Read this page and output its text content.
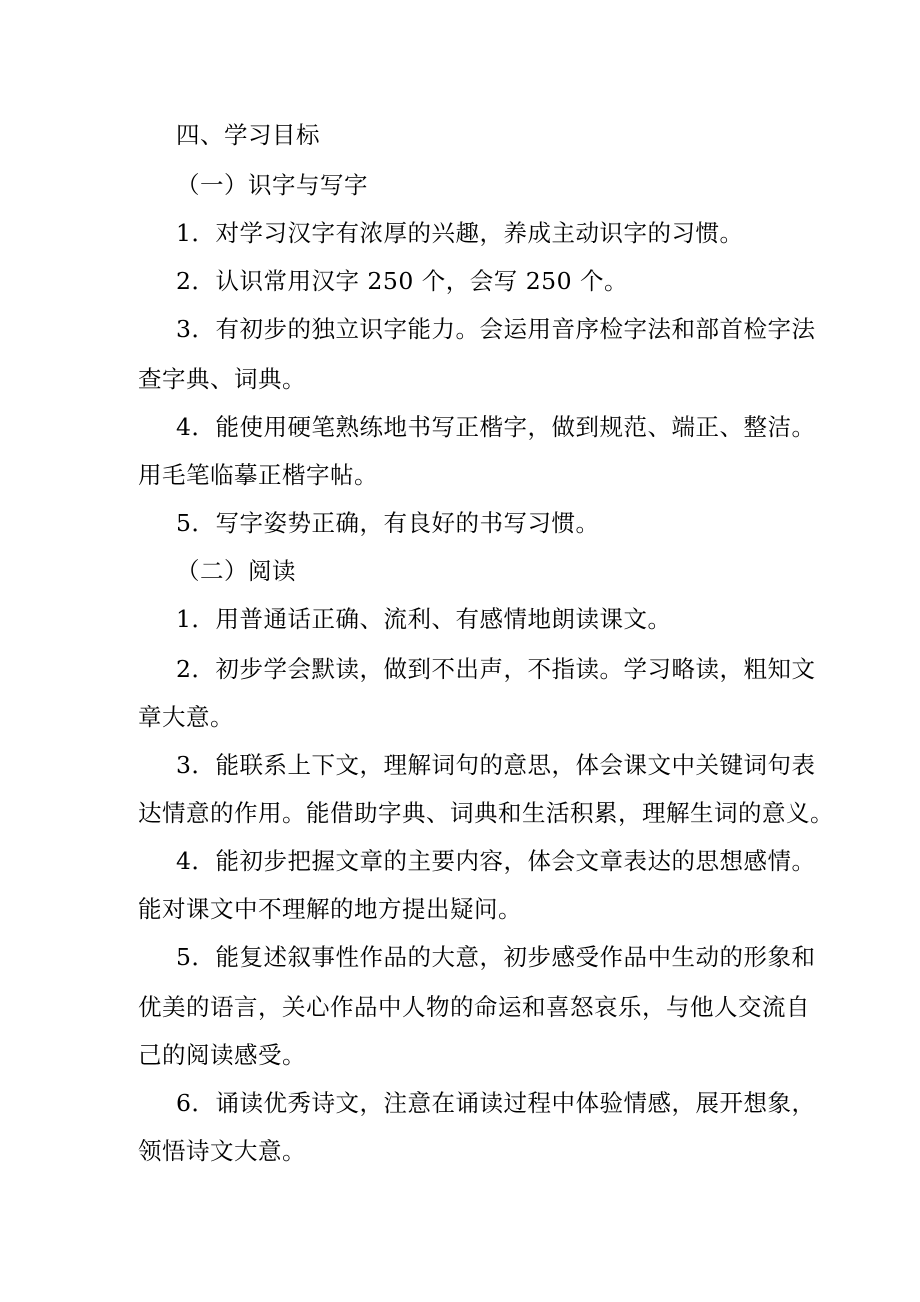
四、学习目标
（一）识字与写字
1．对学习汉字有浓厚的兴趣，养成主动识字的习惯。
2．认识常用汉字 250 个，会写 250 个。
3．有初步的独立识字能力。会运用音序检字法和部首检字法
查字典、词典。
4．能使用硬笔熟练地书写正楷字，做到规范、端正、整洁。
用毛笔临摹正楷字帖。
5．写字姿势正确，有良好的书写习惯。
（二）阅读
1．用普通话正确、流利、有感情地朗读课文。
2．初步学会默读，做到不出声，不指读。学习略读，粗知文
章大意。
3．能联系上下文，理解词句的意思，体会课文中关键词句表
达情意的作用。能借助字典、词典和生活积累，理解生词的意义。
4．能初步把握文章的主要内容，体会文章表达的思想感情。
能对课文中不理解的地方提出疑问。
5．能复述叙事性作品的大意，初步感受作品中生动的形象和
优美的语言，关心作品中人物的命运和喜怒哀乐，与他人交流自
己的阅读感受。
6．诵读优秀诗文，注意在诵读过程中体验情感，展开想象，
领悟诗文大意。
